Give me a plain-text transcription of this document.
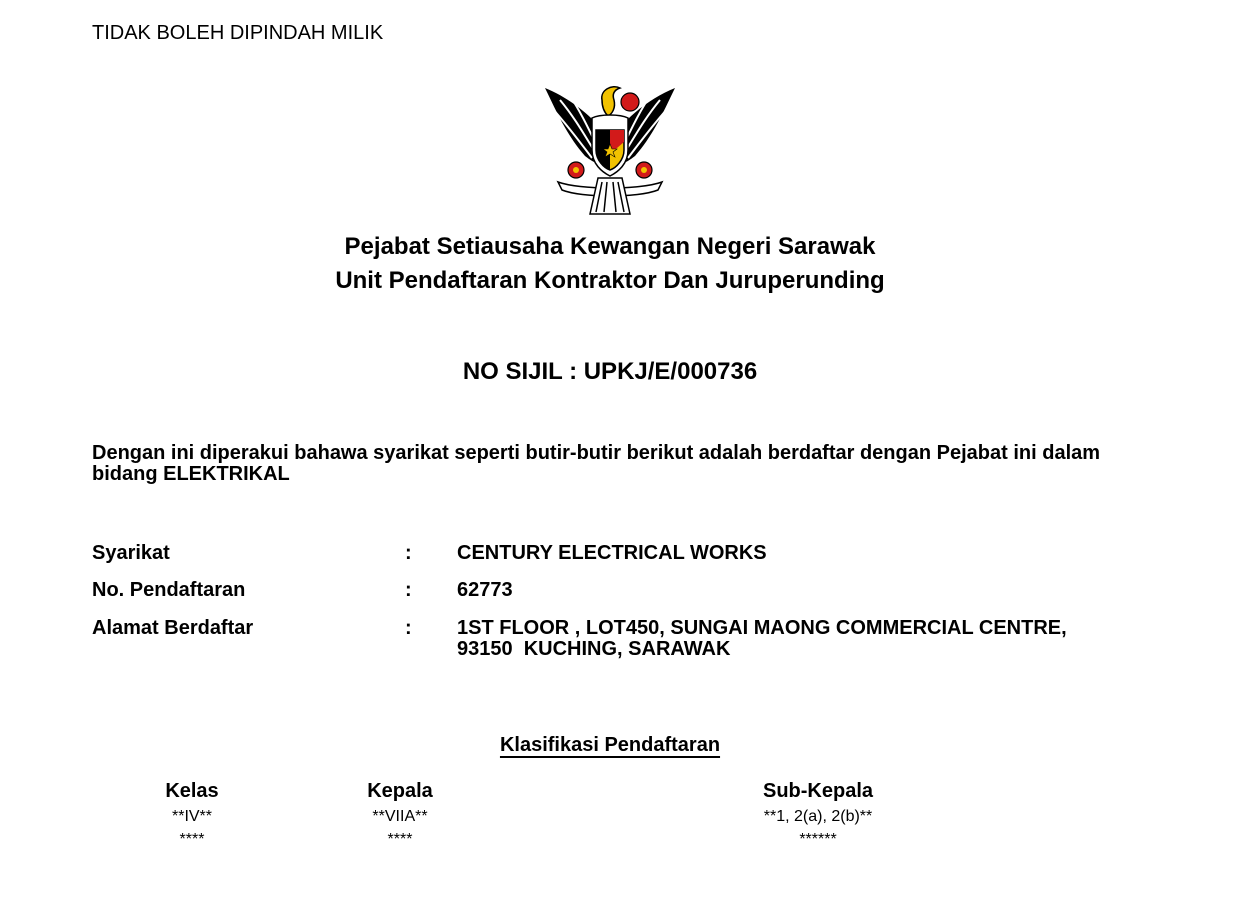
TIDAK BOLEH DIPINDAH MILIK
Pejabat Setiausaha Kewangan Negeri Sarawak
Unit Pendaftaran Kontraktor Dan Juruperunding
NO SIJIL : UPKJ/E/000736
Dengan ini diperakui bahawa syarikat seperti butir-butir berikut adalah berdaftar dengan Pejabat ini dalam bidang ELEKTRIKAL
Syarikat	: CENTURY ELECTRICAL WORKS
No. Pendaftaran	: 62773
Alamat Berdaftar	: 1ST FLOOR , LOT450, SUNGAI MAONG COMMERCIAL CENTRE,
93150  KUCHING, SARAWAK
Klasifikasi Pendaftaran
Kelas	Kepala	Sub-Kepala
**IV**	**VIIA**	**1, 2(a), 2(b)**
****	****	******
